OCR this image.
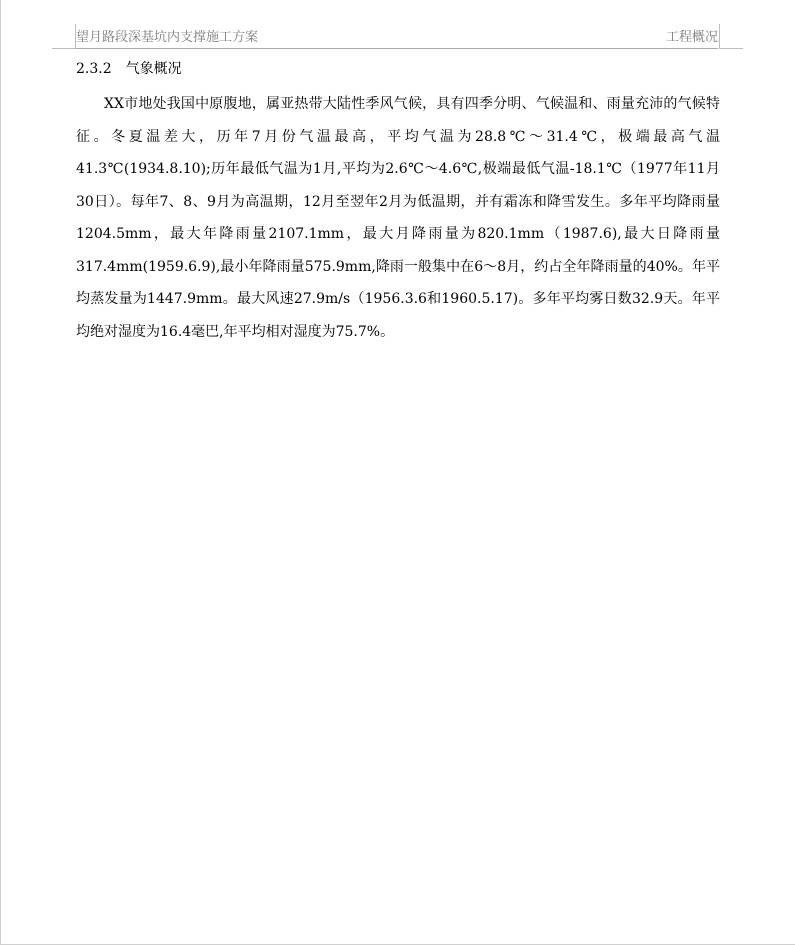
望月路段深基坑内支撑施工方案	工程概况
2.3.2 气象概况

XX市地处我国中原腹地，属亚热带大陆性季风气候，具有四季分明、气候温和、雨量充沛的气候特征。冬夏温差大，历年7月份气温最高，平均气温为28.8℃～31.4℃，极端最高气温41.3℃(1934.8.10);历年最低气温为1月,平均为2.6℃～4.6℃,极端最低气温-18.1℃（1977年11月30日）。每年7、8、9月为高温期，12月至翌年2月为低温期，并有霜冻和降雪发生。多年平均降雨量1204.5mm，最大年降雨量2107.1mm，最大月降雨量为820.1mm（1987.6),最大日降雨量317.4mm(1959.6.9),最小年降雨量575.9mm,降雨一般集中在6～8月，约占全年降雨量的40%。年平均蒸发量为1447.9mm。最大风速27.9m/s（1956.3.6和1960.5.17)。多年平均雾日数32.9天。年平均绝对湿度为16.4毫巴,年平均相对湿度为75.7%。
